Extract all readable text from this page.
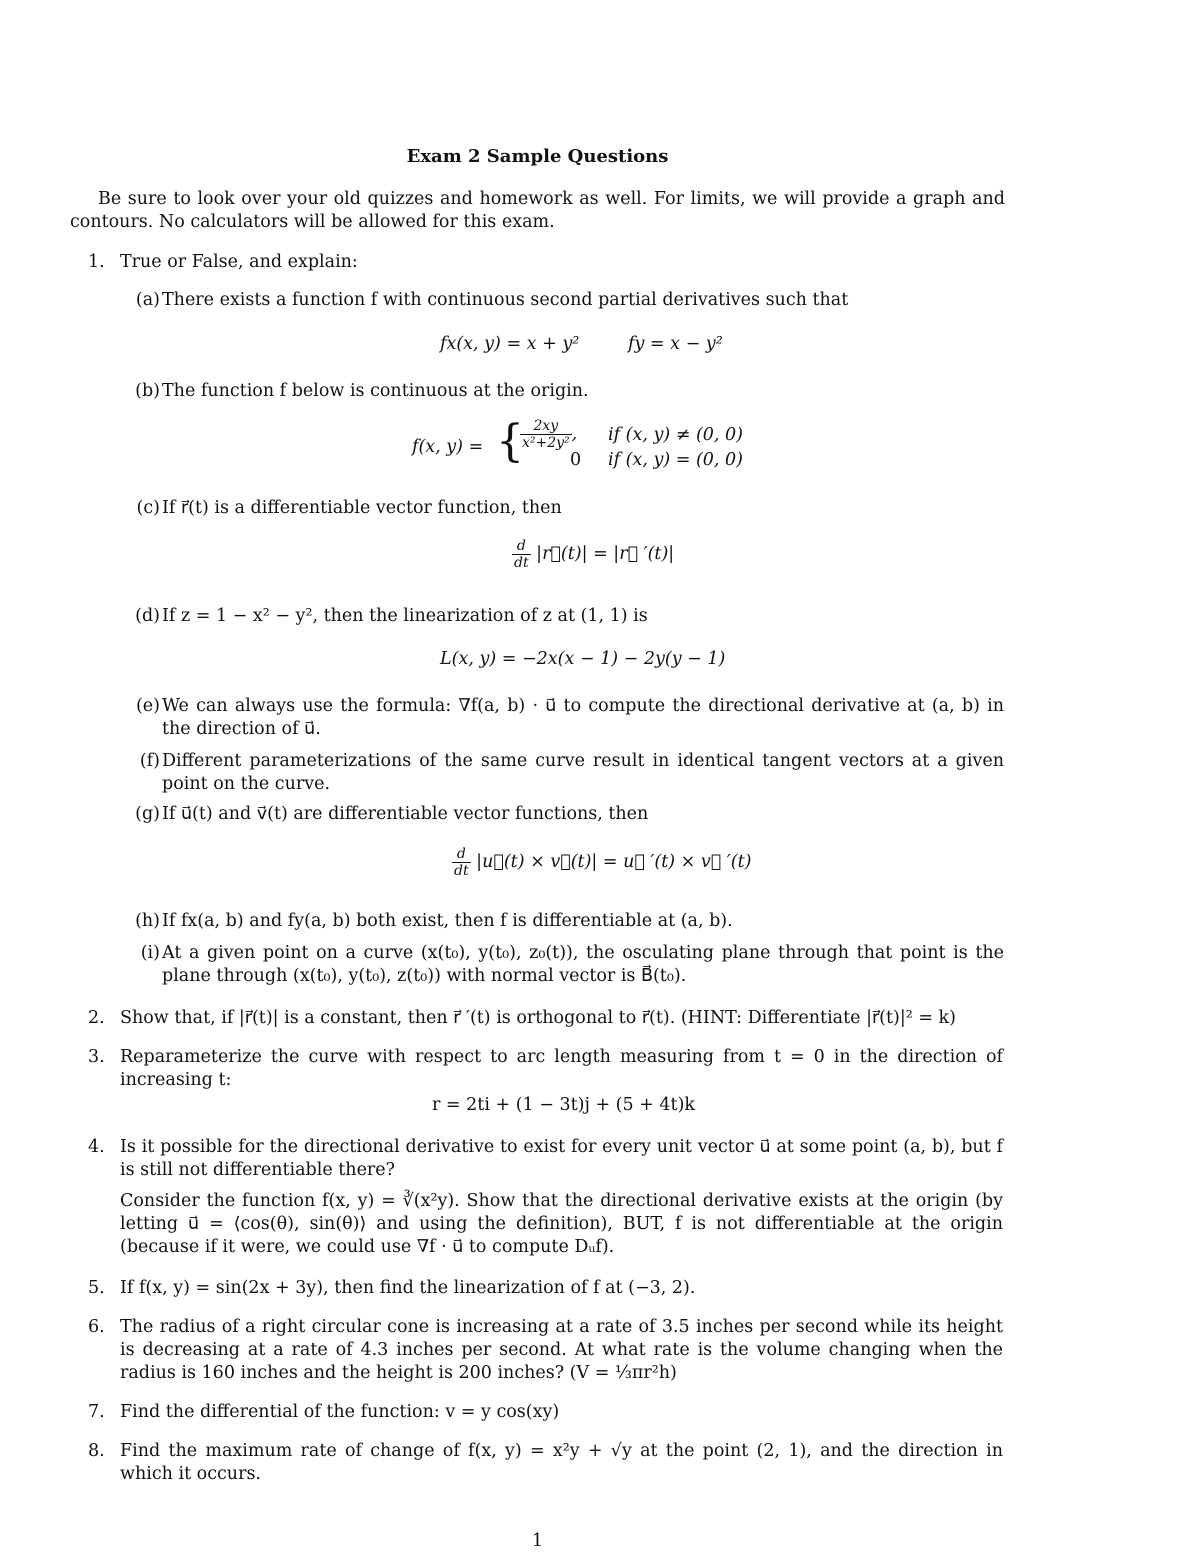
Exam 2 Sample Questions
Be sure to look over your old quizzes and homework as well. For limits, we will provide a graph and contours. No calculators will be allowed for this exam.
1. True or False, and explain:
(a) There exists a function f with continuous second partial derivatives such that
fx(x, y) = x + y²	fy = x − y²
(b) The function f below is continuous at the origin.
f(x, y) = {
$\frac{2xy}{\text{x²+2y²}}$ , if (x, y) ≠ (0, 0)
0 if (x, y) = (0, 0)
(c) If r⃗(t) is a differentiable vector function, then
$\frac{d}{dt}$ |r⃗(t)| = |r⃗ ′(t)|
(d) If z = 1 − x² − y², then the linearization of z at (1, 1) is
L(x, y) = −2x(x − 1) − 2y(y − 1)
(e) We can always use the formula: ∇f(a, b) · u⃗ to compute the directional derivative at (a, b) in the direction of u⃗.
(f) Different parameterizations of the same curve result in identical tangent vectors at a given point on the curve.
(g) If u⃗(t) and v⃗(t) are differentiable vector functions, then
$\frac{d}{dt}$ |u⃗(t) × v⃗(t)| = u⃗ ′(t) × v⃗ ′(t)
(h) If fx(a, b) and fy(a, b) both exist, then f is differentiable at (a, b).
(i) At a given point on a curve (x(t₀), y(t₀), z₀(t)), the osculating plane through that point is the plane through (x(t₀), y(t₀), z(t₀)) with normal vector is B⃗(t₀).
2. Show that, if |r⃗(t)| is a constant, then r⃗ ′(t) is orthogonal to r⃗(t). (HINT: Differentiate |r⃗(t)|² = k)
3. Reparameterize the curve with respect to arc length measuring from t = 0 in the direction of increasing t:
r = 2ti + (1 − 3t)j + (5 + 4t)k
4. Is it possible for the directional derivative to exist for every unit vector u⃗ at some point (a, b), but f is still not differentiable there?
Consider the function f(x, y) = ∛(x²y). Show that the directional derivative exists at the origin (by letting u⃗ = ⟨cos(θ), sin(θ)⟩ and using the definition), BUT, f is not differentiable at the origin (because if it were, we could use ∇f · u⃗ to compute Dᵤf).
5. If f(x, y) = sin(2x + 3y), then find the linearization of f at (−3, 2).
6. The radius of a right circular cone is increasing at a rate of 3.5 inches per second while its height is decreasing at a rate of 4.3 inches per second. At what rate is the volume changing when the radius is 160 inches and the height is 200 inches? (V = ⅓πr²h)
7. Find the differential of the function: v = y cos(xy)
8. Find the maximum rate of change of f(x, y) = x²y + √y at the point (2, 1), and the direction in which it occurs.
1
